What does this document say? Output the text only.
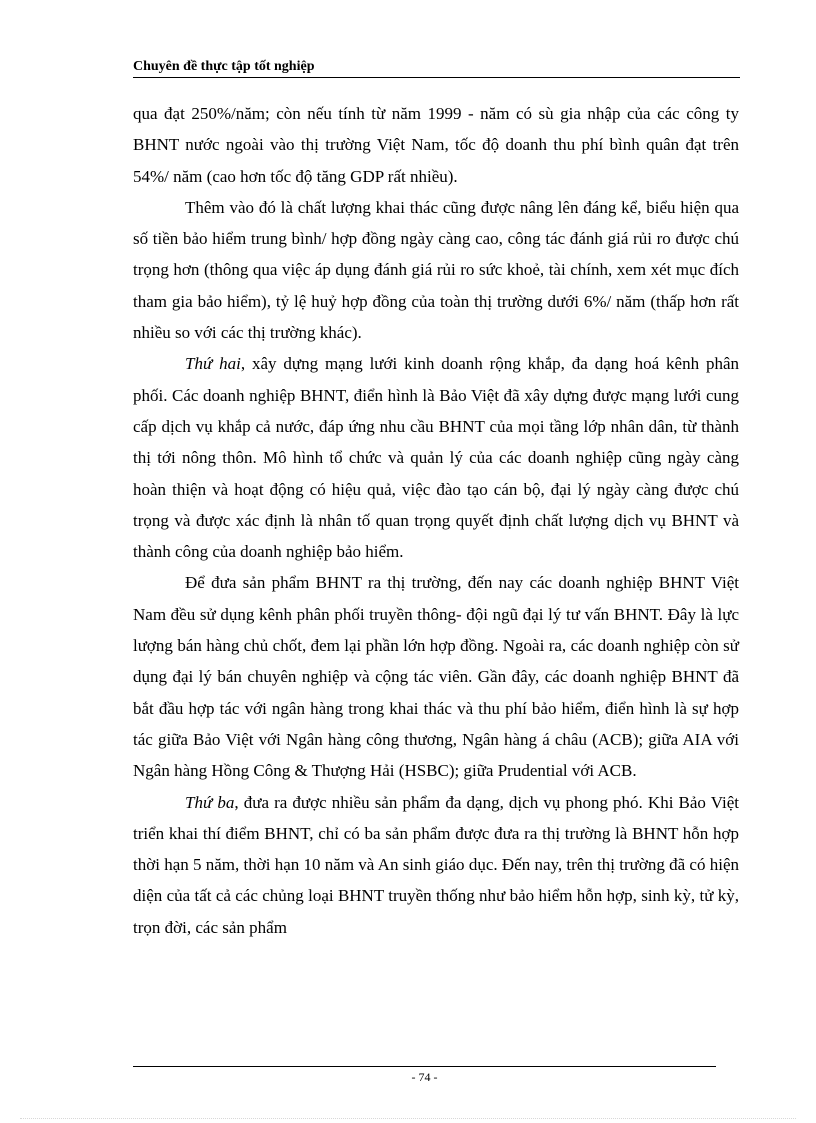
Chuyên đề thực tập tốt nghiệp

qua đạt 250%/năm; còn nếu tính từ năm 1999 - năm có sù gia nhập của các công ty BHNT nước ngoài vào thị trường Việt Nam, tốc độ doanh thu phí bình quân đạt trên 54%/ năm (cao hơn tốc độ tăng GDP rất nhiều).

Thêm vào đó là chất lượng khai thác cũng được nâng lên đáng kể, biểu hiện qua số tiền bảo hiểm trung bình/ hợp đồng ngày càng cao, công tác đánh giá rủi ro được chú trọng hơn (thông qua việc áp dụng đánh giá rủi ro sức khoẻ, tài chính, xem xét mục đích tham gia bảo hiểm), tỷ lệ huỷ hợp đồng của toàn thị trường dưới 6%/ năm (thấp hơn rất nhiều so với các thị trường khác).

Thứ hai, xây dựng mạng lưới kinh doanh rộng khắp, đa dạng hoá kênh phân phối. Các doanh nghiệp BHNT, điển hình là Bảo Việt đã xây dựng được mạng lưới cung cấp dịch vụ khắp cả nước, đáp ứng nhu cầu BHNT của mọi tầng lớp nhân dân, từ thành thị tới nông thôn. Mô hình tổ chức và quản lý của các doanh nghiệp cũng ngày càng hoàn thiện và hoạt động có hiệu quả, việc đào tạo cán bộ, đại lý ngày càng được chú trọng và được xác định là nhân tố quan trọng quyết định chất lượng dịch vụ BHNT và thành công của doanh nghiệp bảo hiểm.

Để đưa sản phẩm BHNT ra thị trường, đến nay các doanh nghiệp BHNT Việt Nam đều sử dụng kênh phân phối truyền thông- đội ngũ đại lý tư vấn BHNT. Đây là lực lượng bán hàng chủ chốt, đem lại phần lớn hợp đồng. Ngoài ra, các doanh nghiệp còn sử dụng đại lý bán chuyên nghiệp và cộng tác viên. Gần đây, các doanh nghiệp BHNT đã bắt đầu hợp tác với ngân hàng trong khai thác và thu phí bảo hiểm, điển hình là sự hợp tác giữa Bảo Việt với Ngân hàng công thương, Ngân hàng á châu (ACB); giữa AIA với Ngân hàng Hồng Công & Thượng Hải (HSBC); giữa Prudential với ACB.

Thứ ba, đưa ra được nhiều sản phẩm đa dạng, dịch vụ phong phó. Khi Bảo Việt triển khai thí điểm BHNT, chỉ có ba sản phẩm được đưa ra thị trường là BHNT hỗn hợp thời hạn 5 năm, thời hạn 10 năm và An sinh giáo dục. Đến nay, trên thị trường đã có hiện diện của tất cả các chủng loại BHNT truyền thống như bảo hiểm hỗn hợp, sinh kỳ, tử kỳ, trọn đời, các sản phẩm

- 74 -
